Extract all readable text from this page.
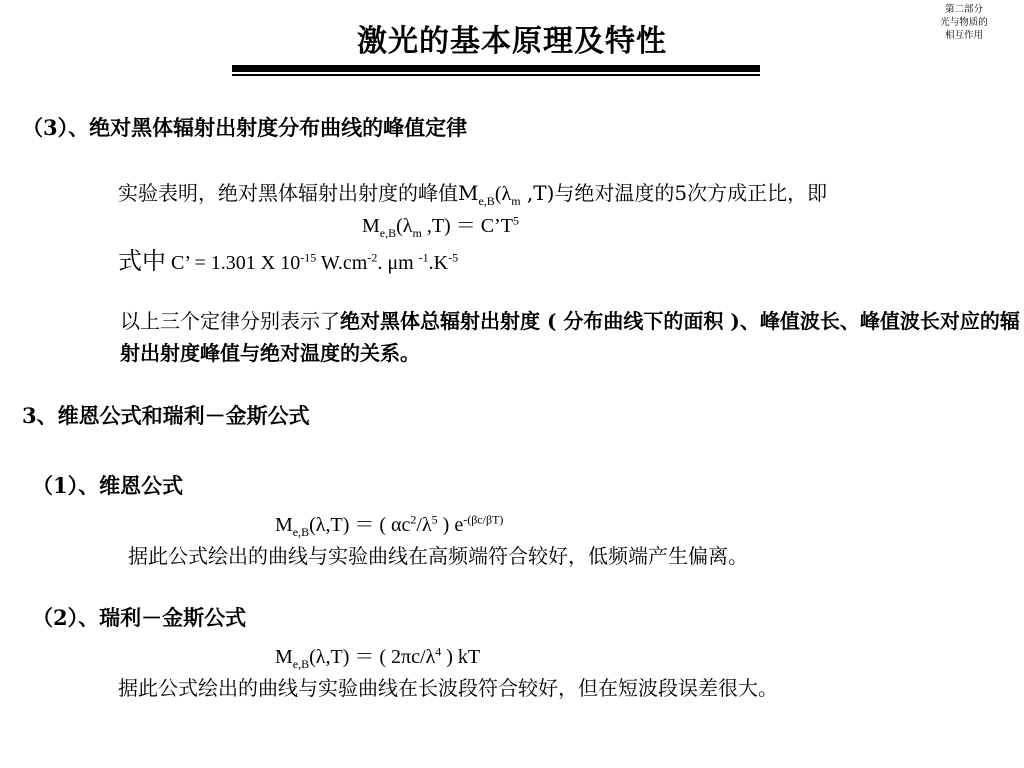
激光的基本原理及特性
第二部分
光与物质的
相互作用
（3）、绝对黑体辐射出射度分布曲线的峰值定律
实验表明，绝对黑体辐射出射度的峰值$M_{e,B}(\lambda_m$ ,T)与绝对温度的5次方成正比，即
$M_{e,B}(\lambda_m$ $,T) = C’T^5$
式中 C’ = 1.301 X $10^{-15}$ $W.cm^{-2}$. μm $^{-1}.K^{-5}$
以上三个定律分别表示了绝对黑体总辐射出射度 ( 分布曲线下的面积 )、峰值波长、峰值波长对应的辐射出射度峰值与绝对温度的关系。
3、维恩公式和瑞利－金斯公式
（1）、维恩公式
$M_{e,B}(\lambda,T)$ ＝ ( $\alpha c^2/\lambda^5$ ) $e^{-(\beta c/\beta T)}$
据此公式绘出的曲线与实验曲线在高频端符合较好，低频端产生偏离。
（2）、瑞利－金斯公式
$M_{e,B}(\lambda,T)$ ＝ ( $2\pi c/\lambda^4$ ) kT
据此公式绘出的曲线与实验曲线在长波段符合较好，但在短波段误差很大。
